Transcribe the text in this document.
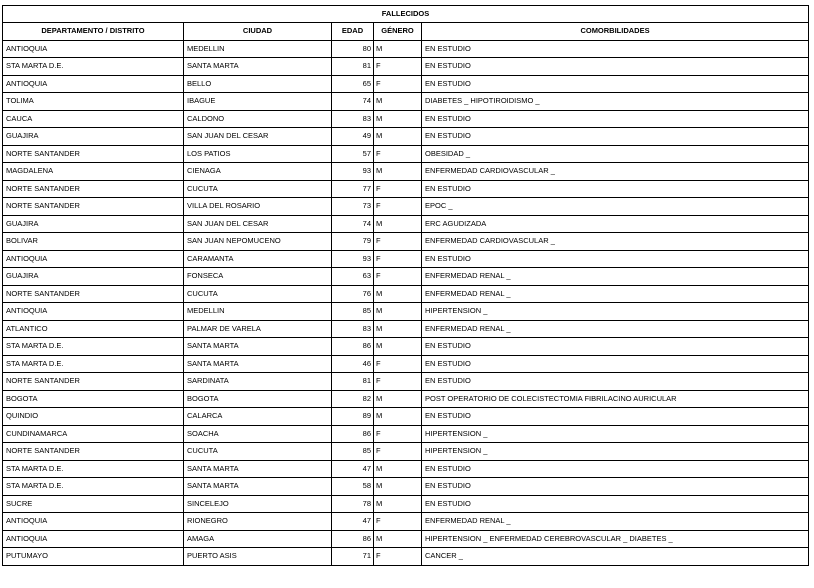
FALLECIDOS				
DEPARTAMENTO / DISTRITO	CIUDAD	EDAD	GÉNERO	COMORBILIDADES
ANTIOQUIA	MEDELLIN	80	M	EN ESTUDIO
STA MARTA D.E.	SANTA MARTA	81	F	EN ESTUDIO
ANTIOQUIA	BELLO	65	F	EN ESTUDIO
TOLIMA	IBAGUE	74	M	DIABETES _ HIPOTIROIDISMO _
CAUCA	CALDONO	83	M	EN ESTUDIO
GUAJIRA	SAN JUAN DEL CESAR	49	M	EN ESTUDIO
NORTE SANTANDER	LOS PATIOS	57	F	OBESIDAD _
MAGDALENA	CIENAGA	93	M	ENFERMEDAD CARDIOVASCULAR _
NORTE SANTANDER	CUCUTA	77	F	EN ESTUDIO
NORTE SANTANDER	VILLA DEL ROSARIO	73	F	EPOC _
GUAJIRA	SAN JUAN DEL CESAR	74	M	ERC AGUDIZADA
BOLIVAR	SAN JUAN NEPOMUCENO	79	F	ENFERMEDAD CARDIOVASCULAR _
ANTIOQUIA	CARAMANTA	93	F	EN ESTUDIO
GUAJIRA	FONSECA	63	F	ENFERMEDAD RENAL _
NORTE SANTANDER	CUCUTA	76	M	ENFERMEDAD RENAL _
ANTIOQUIA	MEDELLIN	85	M	HIPERTENSION _
ATLANTICO	PALMAR DE VARELA	83	M	ENFERMEDAD RENAL _
STA MARTA D.E.	SANTA MARTA	86	M	EN ESTUDIO
STA MARTA D.E.	SANTA MARTA	46	F	EN ESTUDIO
NORTE SANTANDER	SARDINATA	81	F	EN ESTUDIO
BOGOTA	BOGOTA	82	M	POST OPERATORIO DE COLECISTECTOMIA FIBRILACINO AURICULAR
QUINDIO	CALARCA	89	M	EN ESTUDIO
CUNDINAMARCA	SOACHA	86	F	HIPERTENSION _
NORTE SANTANDER	CUCUTA	85	F	HIPERTENSION _
STA MARTA D.E.	SANTA MARTA	47	M	EN ESTUDIO
STA MARTA D.E.	SANTA MARTA	58	M	EN ESTUDIO
SUCRE	SINCELEJO	78	M	EN ESTUDIO
ANTIOQUIA	RIONEGRO	47	F	ENFERMEDAD RENAL _
ANTIOQUIA	AMAGA	86	M	HIPERTENSION _ ENFERMEDAD CEREBROVASCULAR _ DIABETES _
PUTUMAYO	PUERTO ASIS	71	F	CANCER _
